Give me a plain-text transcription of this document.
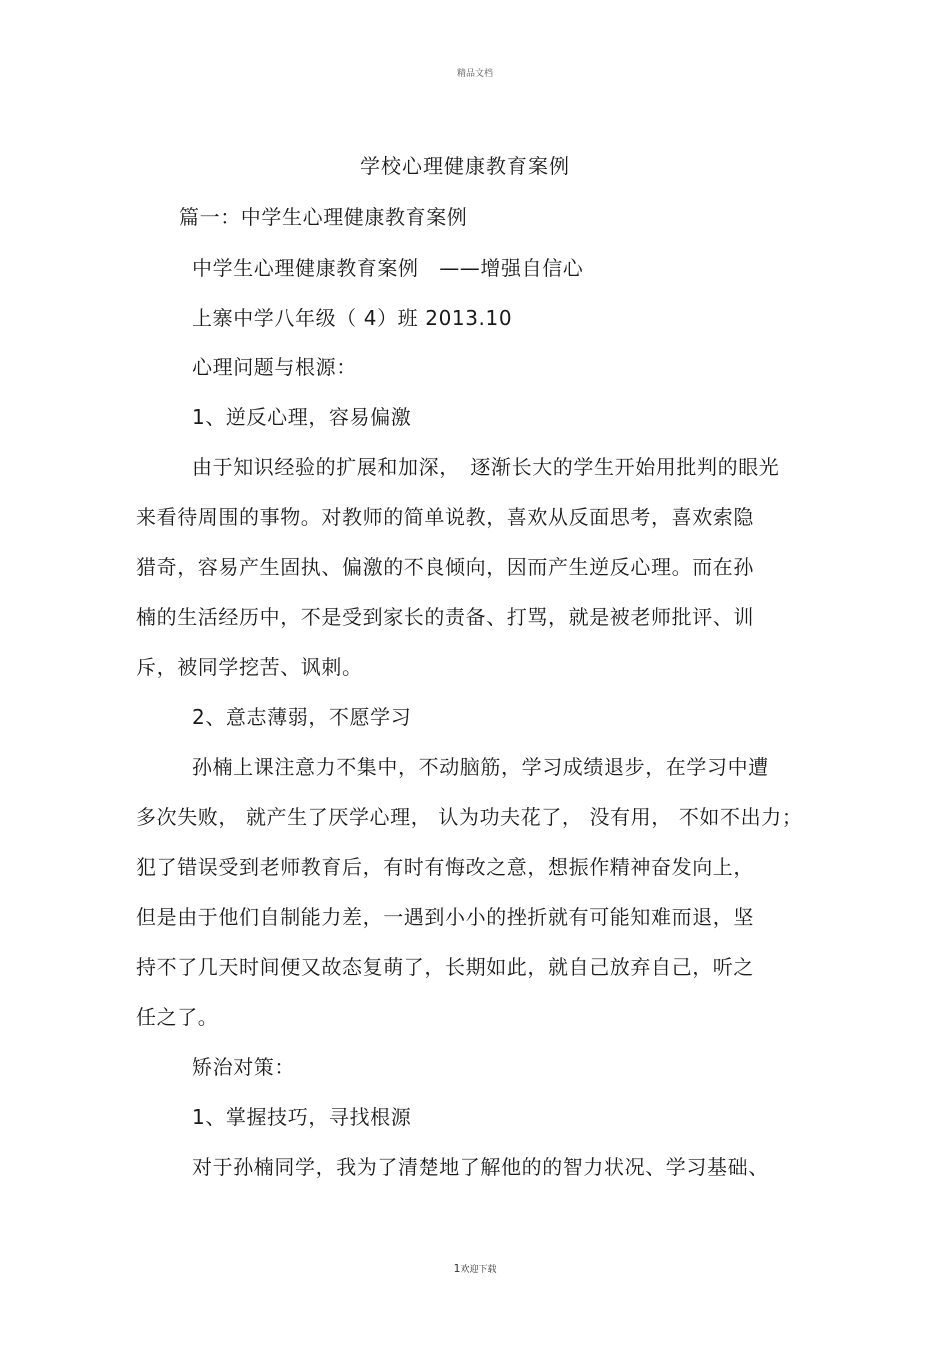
精品文档
学校心理健康教育案例
篇一：中学生心理健康教育案例
中学生心理健康教育案例　——增强自信心
上寨中学八年级（ 4）班 2013.10
心理问题与根源：
1、逆反心理，容易偏激
由于知识经验的扩展和加深，　逐渐长大的学生开始用批判的眼光
来看待周围的事物。对教师的简单说教，喜欢从反面思考，喜欢索隐
猎奇，容易产生固执、偏激的不良倾向，因而产生逆反心理。而在孙
楠的生活经历中，不是受到家长的责备、打骂，就是被老师批评、训
斥，被同学挖苦、讽刺。
2、意志薄弱，不愿学习
孙楠上课注意力不集中，不动脑筋，学习成绩退步，在学习中遭
多次失败， 就产生了厌学心理， 认为功夫花了， 没有用， 不如不出力；
犯了错误受到老师教育后，有时有悔改之意，想振作精神奋发向上，
但是由于他们自制能力差，一遇到小小的挫折就有可能知难而退，坚
持不了几天时间便又故态复萌了，长期如此，就自己放弃自己，听之
任之了。
矫治对策：
1、掌握技巧，寻找根源
对于孙楠同学，我为了清楚地了解他的的智力状况、学习基础、
1欢迎下载
